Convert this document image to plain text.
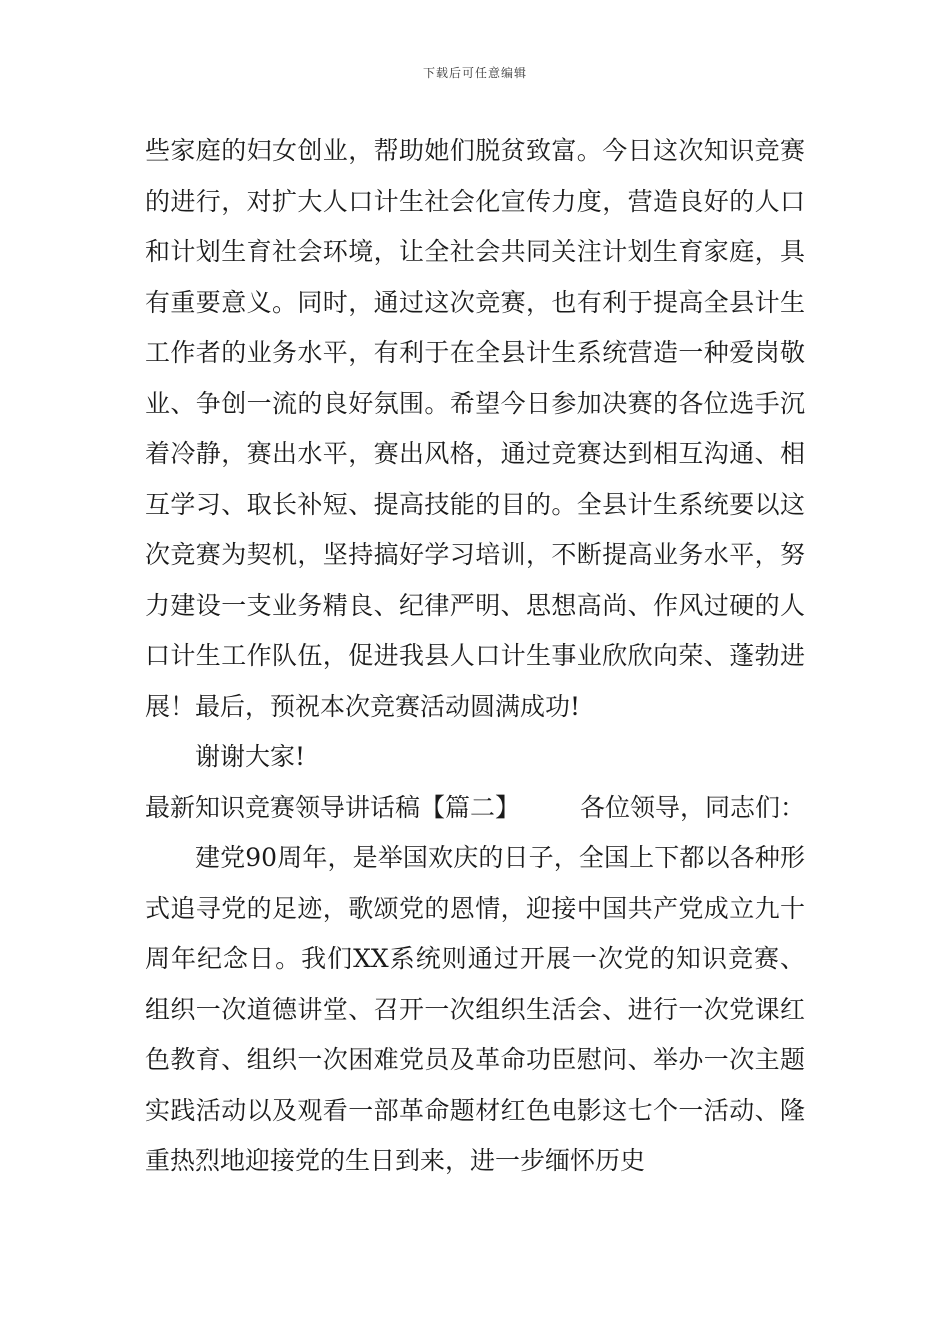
下载后可任意编辑

些家庭的妇女创业，帮助她们脱贫致富。今日这次知识竞赛的进行，对扩大人口计生社会化宣传力度，营造良好的人口和计划生育社会环境，让全社会共同关注计划生育家庭，具有重要意义。同时，通过这次竞赛，也有利于提高全县计生工作者的业务水平，有利于在全县计生系统营造一种爱岗敬业、争创一流的良好氛围。希望今日参加决赛的各位选手沉着冷静，赛出水平，赛出风格，通过竞赛达到相互沟通、相互学习、取长补短、提高技能的目的。全县计生系统要以这次竞赛为契机，坚持搞好学习培训，不断提高业务水平，努力建设一支业务精良、纪律严明、思想高尚、作风过硬的人口计生工作队伍，促进我县人口计生事业欣欣向荣、蓬勃进展！最后，预祝本次竞赛活动圆满成功!

谢谢大家!

最新知识竞赛领导讲话稿【篇二】 各位领导，同志们：

建党90周年，是举国欢庆的日子，全国上下都以各种形式追寻党的足迹，歌颂党的恩情，迎接中国共产党成立九十周年纪念日。我们XX系统则通过开展一次党的知识竞赛、组织一次道德讲堂、召开一次组织生活会、进行一次党课红色教育、组织一次困难党员及革命功臣慰问、举办一次主题实践活动以及观看一部革命题材红色电影这七个一活动、隆重热烈地迎接党的生日到来，进一步缅怀历史
